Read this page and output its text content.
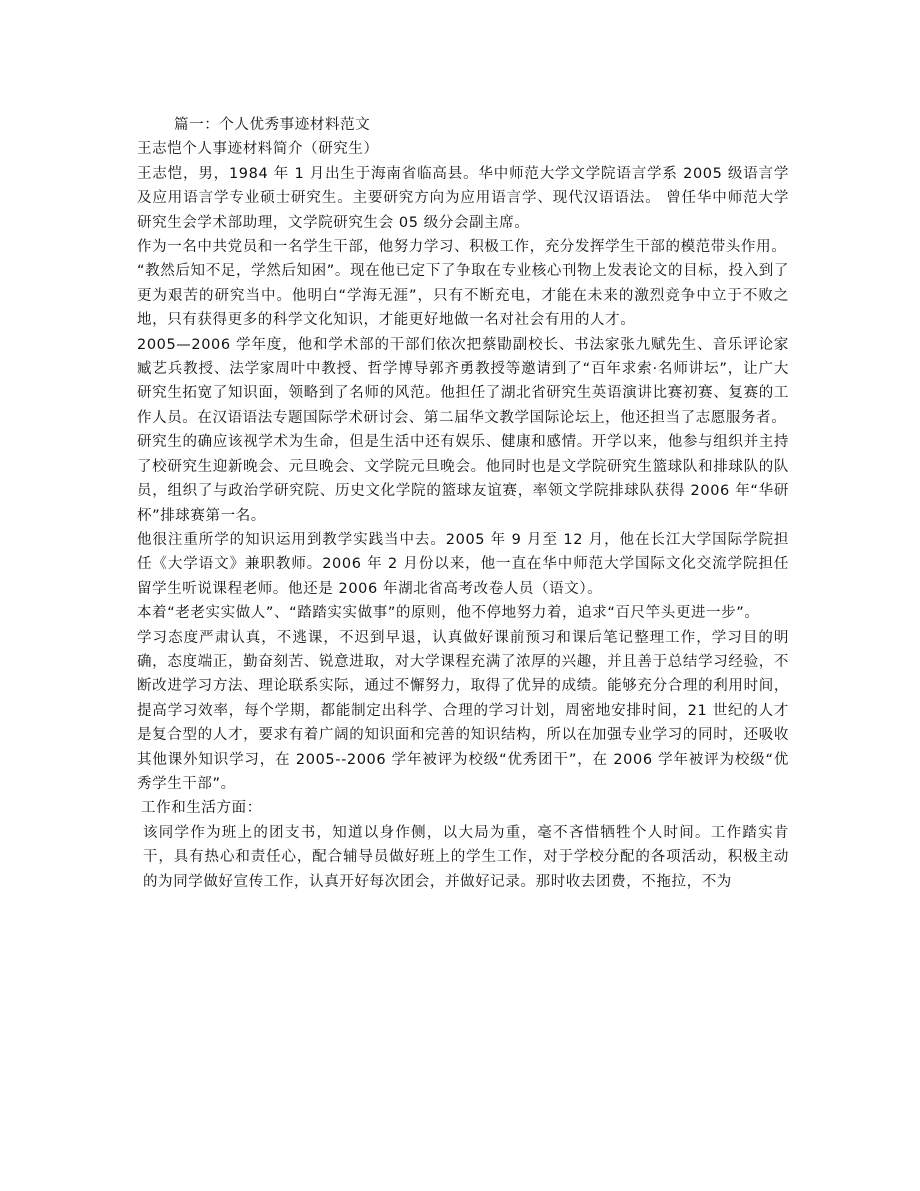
篇一：个人优秀事迹材料范文

王志恺个人事迹材料简介（研究生）

王志恺，男，1984 年 1 月出生于海南省临高县。华中师范大学文学院语言学系 2005 级语言学及应用语言学专业硕士研究生。主要研究方向为应用语言学、现代汉语语法。 曾任华中师范大学研究生会学术部助理，文学院研究生会 05 级分会副主席。

作为一名中共党员和一名学生干部，他努力学习、积极工作，充分发挥学生干部的模范带头作用。

“教然后知不足，学然后知困”。现在他已定下了争取在专业核心刊物上发表论文的目标，投入到了更为艰苦的研究当中。他明白“学海无涯”，只有不断充电，才能在未来的激烈竞争中立于不败之地，只有获得更多的科学文化知识，才能更好地做一名对社会有用的人才。

2005—2006 学年度，他和学术部的干部们依次把蔡勖副校长、书法家张九赋先生、音乐评论家臧艺兵教授、法学家周叶中教授、哲学博导郭齐勇教授等邀请到了“百年求索·名师讲坛”，让广大研究生拓宽了知识面，领略到了名师的风范。他担任了湖北省研究生英语演讲比赛初赛、复赛的工作人员。在汉语语法专题国际学术研讨会、第二届华文教学国际论坛上，他还担当了志愿服务者。

研究生的确应该视学术为生命，但是生活中还有娱乐、健康和感情。开学以来，他参与组织并主持了校研究生迎新晚会、元旦晚会、文学院元旦晚会。他同时也是文学院研究生篮球队和排球队的队员，组织了与政治学研究院、历史文化学院的篮球友谊赛，率领文学院排球队获得 2006 年“华研杯”排球赛第一名。

他很注重所学的知识运用到教学实践当中去。2005 年 9 月至 12 月，他在长江大学国际学院担任《大学语文》兼职教师。2006 年 2 月份以来，他一直在华中师范大学国际文化交流学院担任留学生听说课程老师。他还是 2006 年湖北省高考改卷人员（语文）。

本着“老老实实做人”、“踏踏实实做事”的原则，他不停地努力着，追求“百尺竿头更进一步”。

学习态度严肃认真，不逃课，不迟到早退，认真做好课前预习和课后笔记整理工作，学习目的明确，态度端正，勤奋刻苦、锐意进取，对大学课程充满了浓厚的兴趣，并且善于总结学习经验，不断改进学习方法、理论联系实际，通过不懈努力，取得了优异的成绩。能够充分合理的利用时间，提高学习效率，每个学期，都能制定出科学、合理的学习计划，周密地安排时间，21 世纪的人才是复合型的人才，要求有着广阔的知识面和完善的知识结构，所以在加强专业学习的同时，还吸收其他课外知识学习，在 2005--2006 学年被评为校级“优秀团干”，在 2006 学年被评为校级“优秀学生干部”。

工作和生活方面：

该同学作为班上的团支书，知道以身作侧，以大局为重，毫不吝惜牺牲个人时间。工作踏实肯干，具有热心和责任心，配合辅导员做好班上的学生工作，对于学校分配的各项活动，积极主动的为同学做好宣传工作，认真开好每次团会，并做好记录。那时收去团费，不拖拉，不为
